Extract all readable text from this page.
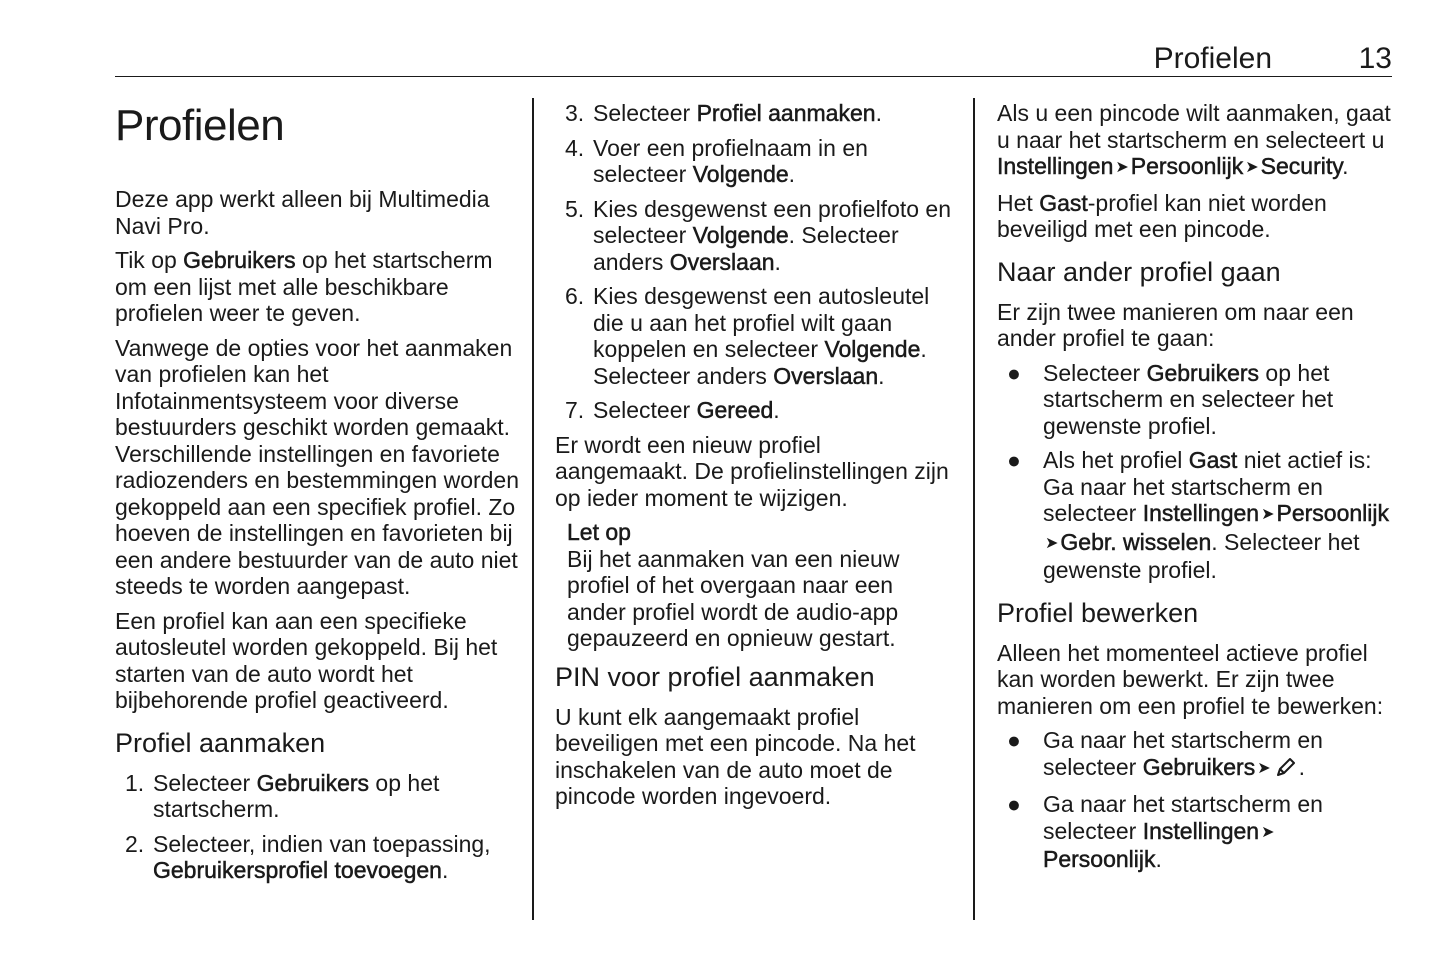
Profielen	13
Profielen

Deze app werkt alleen bij Multimedia Navi Pro.

Tik op Gebruikers op het startscherm om een lijst met alle beschikbare profielen weer te geven.

Vanwege de opties voor het aanmaken van profielen kan het Infotainmentsysteem voor diverse bestuurders geschikt worden gemaakt. Verschillende instellingen en favoriete radiozenders en bestemmingen worden gekoppeld aan een specifiek profiel. Zo hoeven de instellingen en favorieten bij een andere bestuurder van de auto niet steeds te worden aangepast.

Een profiel kan aan een specifieke autosleutel worden gekoppeld. Bij het starten van de auto wordt het bijbehorende profiel geactiveerd.

Profiel aanmaken
1. Selecteer Gebruikers op het startscherm.
2. Selecteer, indien van toepassing, Gebruikersprofiel toevoegen.
3. Selecteer Profiel aanmaken.
4. Voer een profielnaam in en selecteer Volgende.
5. Kies desgewenst een profielfoto en selecteer Volgende. Selecteer anders Overslaan.
6. Kies desgewenst een autosleutel die u aan het profiel wilt gaan koppelen en selecteer Volgende. Selecteer anders Overslaan.
7. Selecteer Gereed.

Er wordt een nieuw profiel aangemaakt. De profielinstellingen zijn op ieder moment te wijzigen.

Let op
Bij het aanmaken van een nieuw profiel of het overgaan naar een ander profiel wordt de audio-app gepauzeerd en opnieuw gestart.
PIN voor profiel aanmaken

U kunt elk aangemaakt profiel beveiligen met een pincode. Na het inschakelen van de auto moet de pincode worden ingevoerd.

Als u een pincode wilt aanmaken, gaat u naar het startscherm en selecteert u Instellingen ➤Persoonlijk ➤Security.

Het Gast-profiel kan niet worden beveiligd met een pincode.

Naar ander profiel gaan

Er zijn twee manieren om naar een ander profiel te gaan:

● Selecteer Gebruikers op het startscherm en selecteer het gewenste profiel.
● Als het profiel Gast niet actief is: Ga naar het startscherm en selecteer Instellingen ➤Persoonlijk➤Gebr. wisselen. Selecteer het gewenste profiel.
Profiel bewerken

Alleen het momenteel actieve profiel kan worden bewerkt. Er zijn twee manieren om een profiel te bewerken:

● Ga naar het startscherm en selecteer Gebruikers ➤ .
● Ga naar het startscherm en selecteer Instellingen ➤Persoonlijk.
